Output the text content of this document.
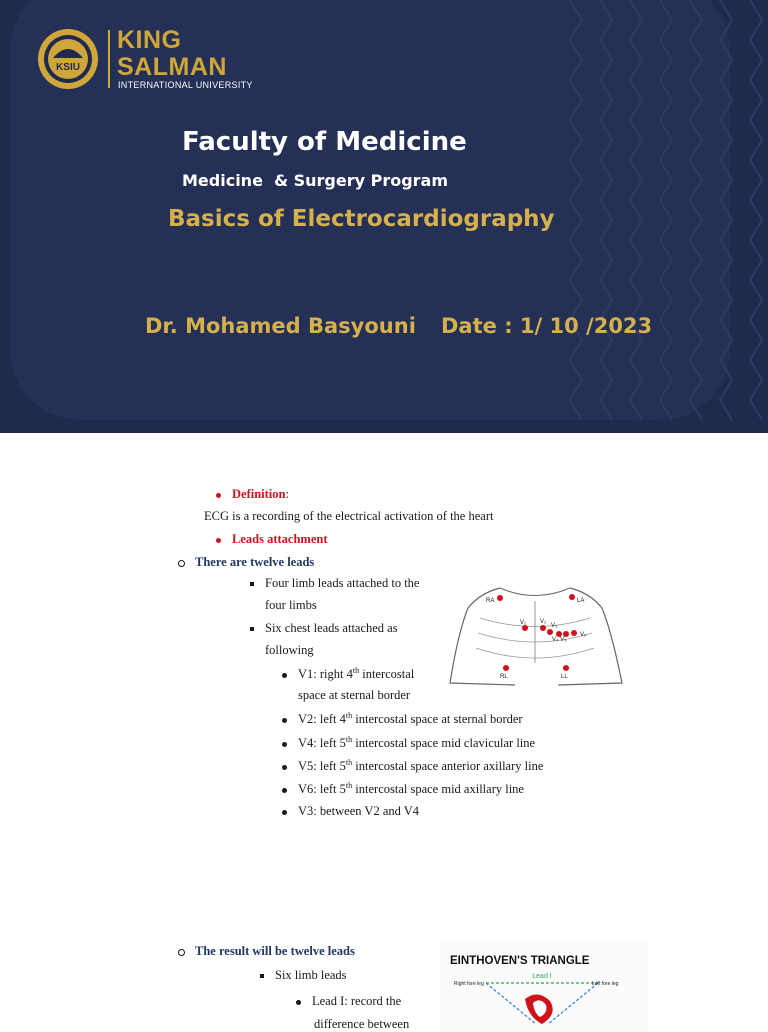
KSIU
KING
SALMAN
INTERNATIONAL UNIVERSITY
Faculty of Medicine
Medicine  & Surgery Program
Basics of Electrocardiography
Dr. Mohamed Basyouni Date : 1/ 10 /2023
Definition:
ECG is a recording of the electrical activation of the heart
Leads attachment
There are twelve leads
Four limb leads attached to the
four limbs
Six chest leads attached as
following
V1: right 4th intercostal
space at sternal border
V2: left 4th intercostal space at sternal border
V4: left 5th intercostal space mid clavicular line
V5: left 5th intercostal space anterior axillary line
V6: left 5th intercostal space mid axillary line
V3: between V2 and V4
RA	LA
V₁ V₂
V₃
V₆
V₄ V₅
RL	LL
The result will be twelve leads
Six limb leads
Lead I: record the
difference between
EINTHOVEN'S TRIANGLE
Lead I
Right fore leg	Left fore leg
